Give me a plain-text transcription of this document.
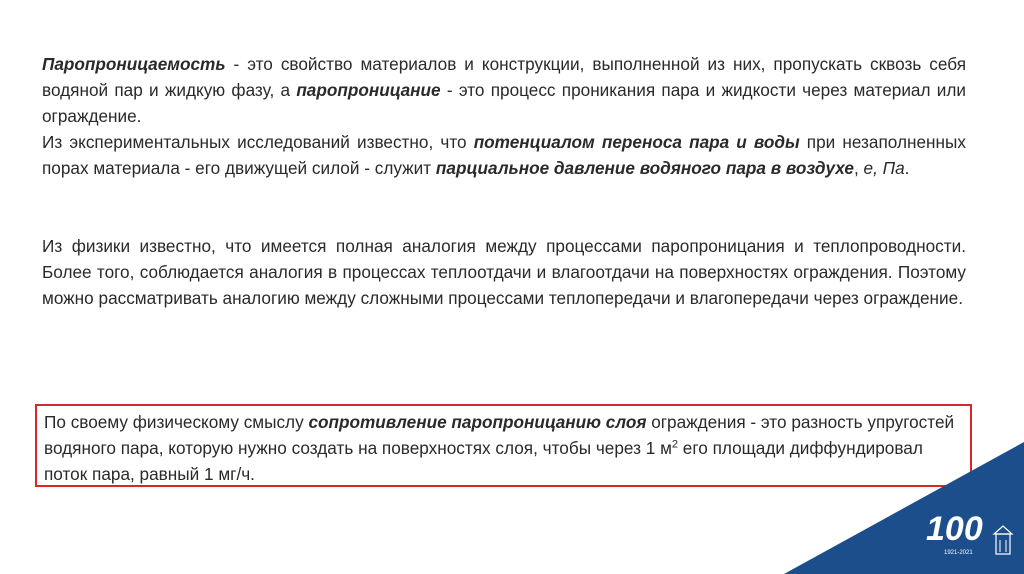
Паропроницаемость - это свойство материалов и конструкции, выполненной из них, пропускать сквозь себя водяной пар и жидкую фазу, а паропроницание - это процесс проникания пара и жидкости через материал или ограждение.

Из экспериментальных исследований известно, что потенциалом переноса пара и воды при незаполненных порах материала - его движущей силой - служит парциальное давление водяного пара в воздухе, е, Па.

Из физики известно, что имеется полная аналогия между процессами паропроницания и теплопроводности. Более того, соблюдается аналогия в процессах теплоотдачи и влагоотдачи на поверхностях ограждения. Поэтому можно рассматривать аналогию между сложными процессами теплопередачи и влагопередачи через ограждение.

По своему физическому смыслу сопротивление паропроницанию слоя ограждения - это разность упругостей водяного пара, которую нужно создать на поверхностях слоя, чтобы через 1 $м^2$ его площади диффундировал поток пара, равный 1 мг/ч.

100
1921-2021
